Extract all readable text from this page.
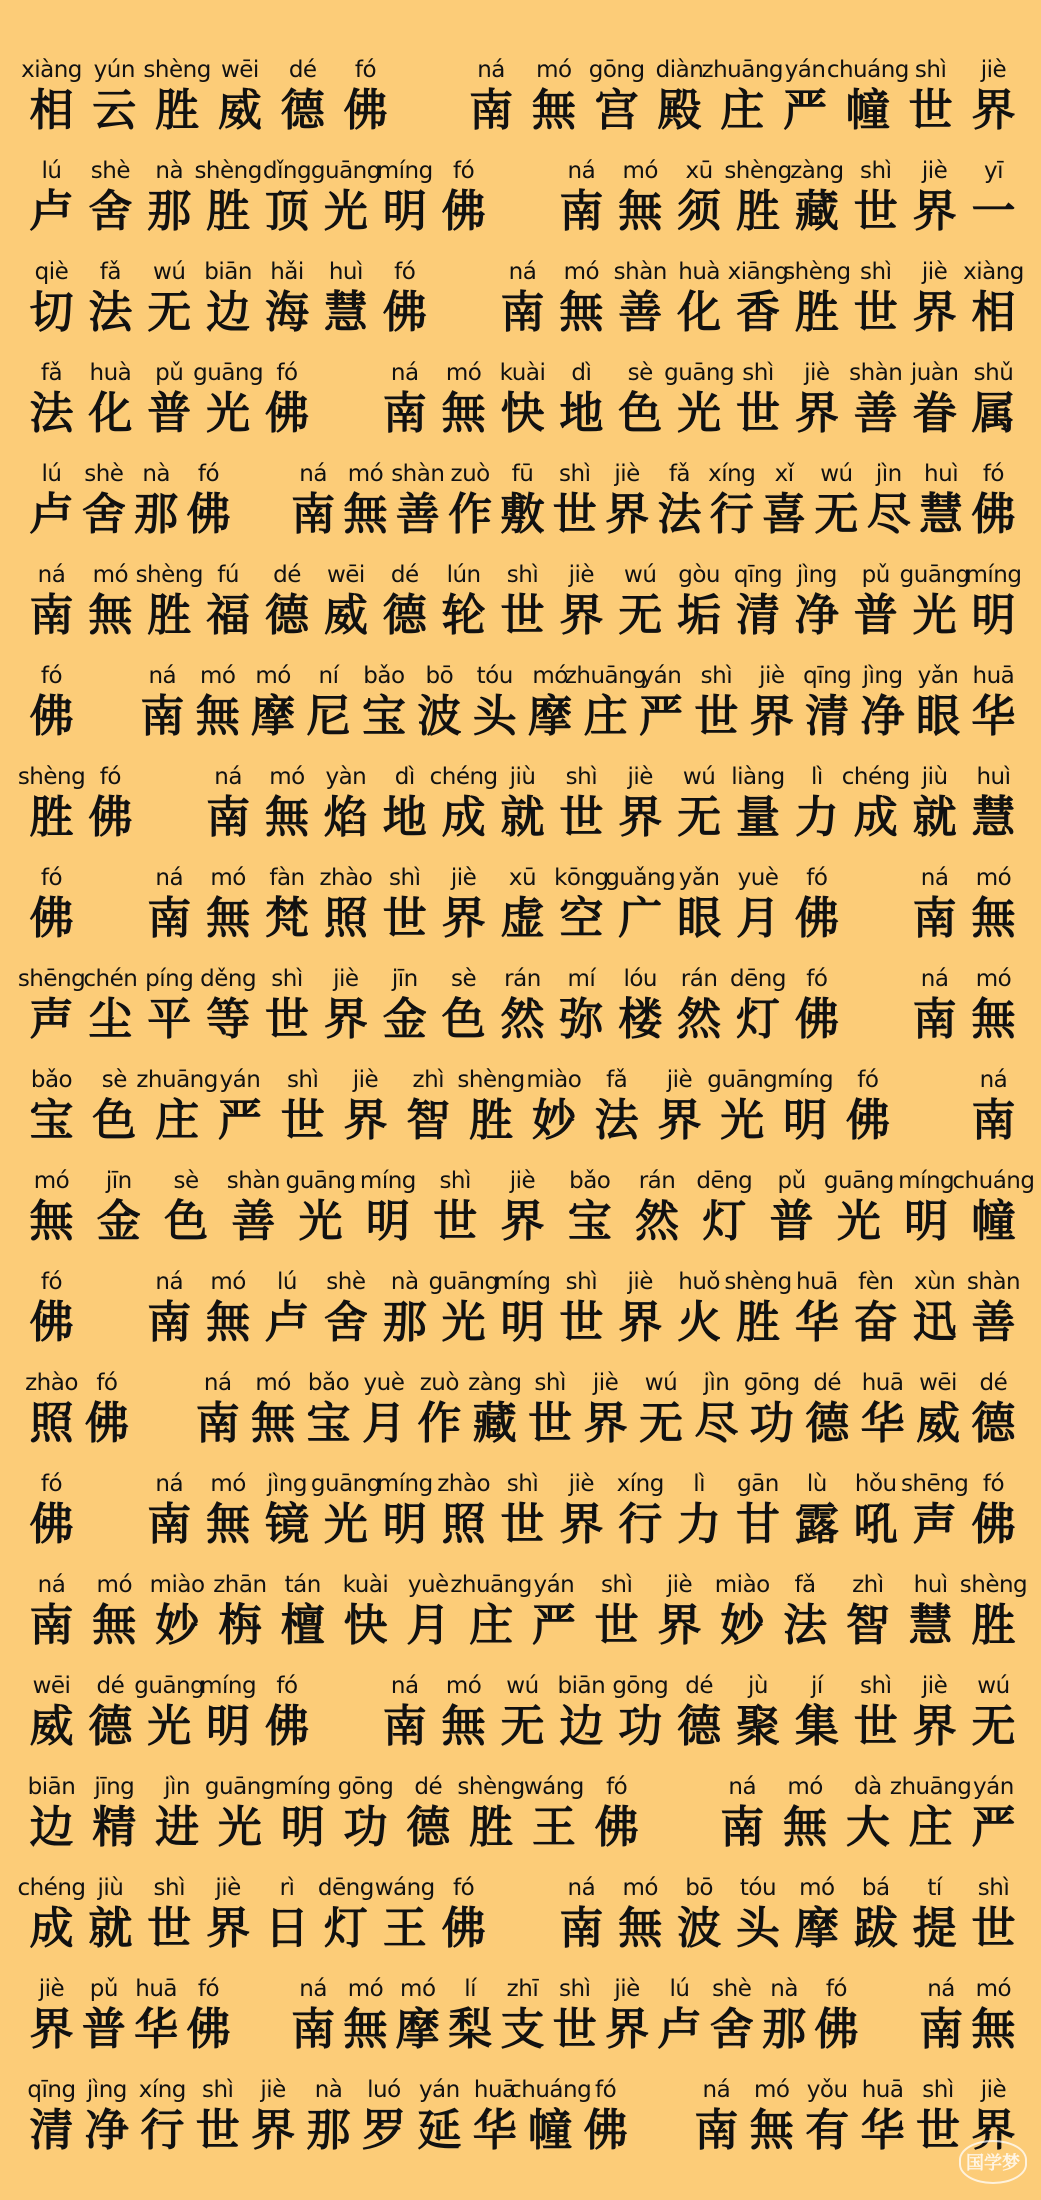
xiàng
相
yún
云
shèng
胜
wēi
威
dé
德
fó
佛
ná
南
mó
無
gōng
宫
diàn
殿
zhuāng
庄
yán
严
chuáng
幢
shì
世
jiè
界
lú
卢
shè
舍
nà
那
shèng
胜
dǐng
顶
guāng
光
míng
明
fó
佛
ná
南
mó
無
xū
须
shèng
胜
zàng
藏
shì
世
jiè
界
yī
一
qiè
切
fǎ
法
wú
无
biān
边
hǎi
海
huì
慧
fó
佛
ná
南
mó
無
shàn
善
huà
化
xiāng
香
shèng
胜
shì
世
jiè
界
xiàng
相
fǎ
法
huà
化
pǔ
普
guāng
光
fó
佛
ná
南
mó
無
kuài
快
dì
地
sè
色
guāng
光
shì
世
jiè
界
shàn
善
juàn
眷
shǔ
属
lú
卢
shè
舍
nà
那
fó
佛
ná
南
mó
無
shàn
善
zuò
作
fū
敷
shì
世
jiè
界
fǎ
法
xíng
行
xǐ
喜
wú
无
jìn
尽
huì
慧
fó
佛
ná
南
mó
無
shèng
胜
fú
福
dé
德
wēi
威
dé
德
lún
轮
shì
世
jiè
界
wú
无
gòu
垢
qīng
清
jìng
净
pǔ
普
guāng
光
míng
明
fó
佛
ná
南
mó
無
mó
摩
ní
尼
bǎo
宝
bō
波
tóu
头
mó
摩
zhuāng
庄
yán
严
shì
世
jiè
界
qīng
清
jìng
净
yǎn
眼
huā
华
shèng
胜
fó
佛
ná
南
mó
無
yàn
焰
dì
地
chéng
成
jiù
就
shì
世
jiè
界
wú
无
liàng
量
lì
力
chéng
成
jiù
就
huì
慧
fó
佛
ná
南
mó
無
fàn
梵
zhào
照
shì
世
jiè
界
xū
虚
kōng
空
guǎng
广
yǎn
眼
yuè
月
fó
佛
ná
南
mó
無
shēng
声
chén
尘
píng
平
děng
等
shì
世
jiè
界
jīn
金
sè
色
rán
然
mí
弥
lóu
楼
rán
然
dēng
灯
fó
佛
ná
南
mó
無
bǎo
宝
sè
色
zhuāng
庄
yán
严
shì
世
jiè
界
zhì
智
shèng
胜
miào
妙
fǎ
法
jiè
界
guāng
光
míng
明
fó
佛
ná
南
mó
無
jīn
金
sè
色
shàn
善
guāng
光
míng
明
shì
世
jiè
界
bǎo
宝
rán
然
dēng
灯
pǔ
普
guāng
光
míng
明
chuáng
幢
fó
佛
ná
南
mó
無
lú
卢
shè
舍
nà
那
guāng
光
míng
明
shì
世
jiè
界
huǒ
火
shèng
胜
huā
华
fèn
奋
xùn
迅
shàn
善
zhào
照
fó
佛
ná
南
mó
無
bǎo
宝
yuè
月
zuò
作
zàng
藏
shì
世
jiè
界
wú
无
jìn
尽
gōng
功
dé
德
huā
华
wēi
威
dé
德
fó
佛
ná
南
mó
無
jìng
镜
guāng
光
míng
明
zhào
照
shì
世
jiè
界
xíng
行
lì
力
gān
甘
lù
露
hǒu
吼
shēng
声
fó
佛
ná
南
mó
無
miào
妙
zhān
栴
tán
檀
kuài
快
yuè
月
zhuāng
庄
yán
严
shì
世
jiè
界
miào
妙
fǎ
法
zhì
智
huì
慧
shèng
胜
wēi
威
dé
德
guāng
光
míng
明
fó
佛
ná
南
mó
無
wú
无
biān
边
gōng
功
dé
德
jù
聚
jí
集
shì
世
jiè
界
wú
无
biān
边
jīng
精
jìn
进
guāng
光
míng
明
gōng
功
dé
德
shèng
胜
wáng
王
fó
佛
ná
南
mó
無
dà
大
zhuāng
庄
yán
严
chéng
成
jiù
就
shì
世
jiè
界
rì
日
dēng
灯
wáng
王
fó
佛
ná
南
mó
無
bō
波
tóu
头
mó
摩
bá
跋
tí
提
shì
世
jiè
界
pǔ
普
huā
华
fó
佛
ná
南
mó
無
mó
摩
lí
梨
zhī
支
shì
世
jiè
界
lú
卢
shè
舍
nà
那
fó
佛
ná
南
mó
無
qīng
清
jìng
净
xíng
行
shì
世
jiè
界
nà
那
luó
罗
yán
延
huā
华
chuáng
幢
fó
佛
ná
南
mó
無
yǒu
有
huā
华
shì
世
jiè
界
国学梦
